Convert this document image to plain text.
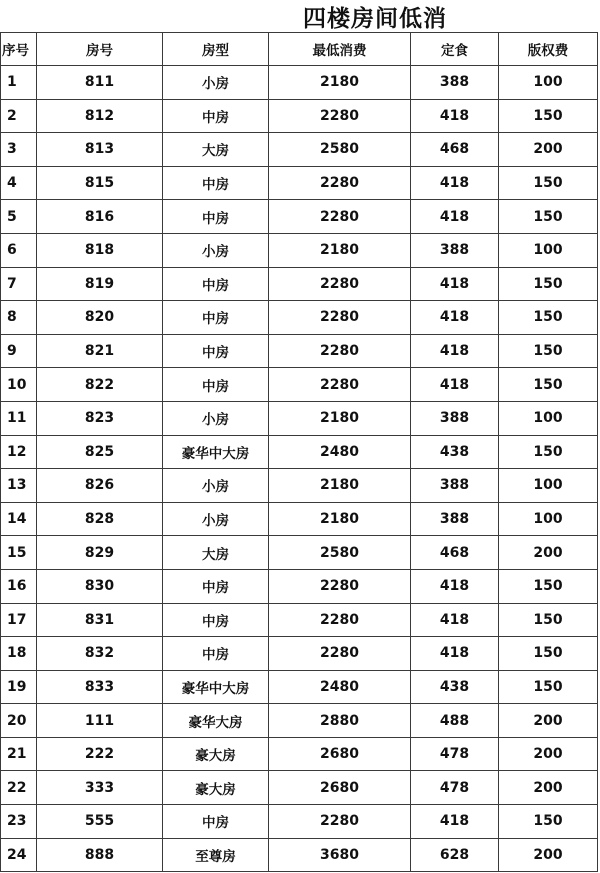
四楼房间低消
序号	房号	房型	最低消费	定食	版权费
1	811	小房	2180	388	100
2	812	中房	2280	418	150
3	813	大房	2580	468	200
4	815	中房	2280	418	150
5	816	中房	2280	418	150
6	818	小房	2180	388	100
7	819	中房	2280	418	150
8	820	中房	2280	418	150
9	821	中房	2280	418	150
10	822	中房	2280	418	150
11	823	小房	2180	388	100
12	825	豪华中大房	2480	438	150
13	826	小房	2180	388	100
14	828	小房	2180	388	100
15	829	大房	2580	468	200
16	830	中房	2280	418	150
17	831	中房	2280	418	150
18	832	中房	2280	418	150
19	833	豪华中大房	2480	438	150
20	111	豪华大房	2880	488	200
21	222	豪大房	2680	478	200
22	333	豪大房	2680	478	200
23	555	中房	2280	418	150
24	888	至尊房	3680	628	200
